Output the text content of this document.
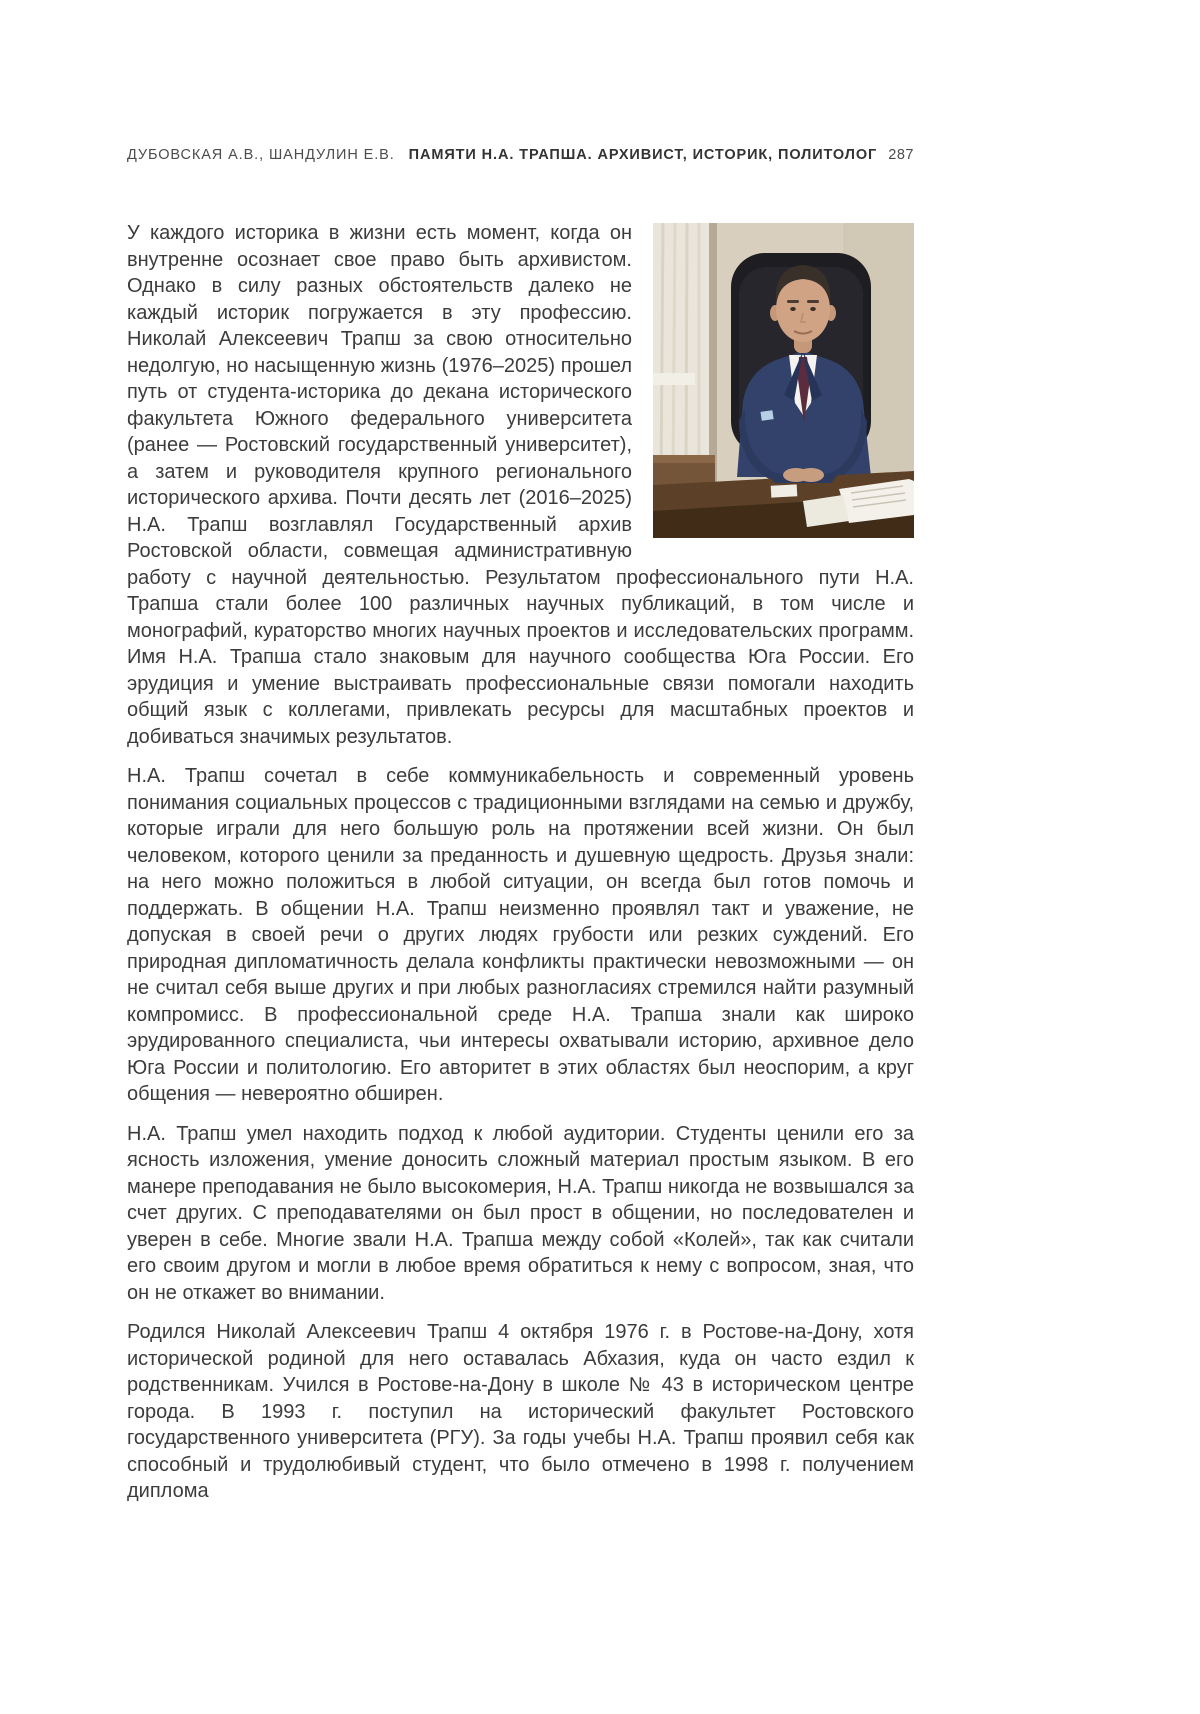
ДУБОВСКАЯ А.В., ШАНДУЛИН Е.В. ПАМЯТИ Н.А. ТРАПША. АРХИВИСТ, ИСТОРИК, ПОЛИТОЛОГ 287

У каждого историка в жизни есть момент, когда он внутренне осознает свое право быть архивистом. Однако в силу разных обстоятельств далеко не каждый историк погружается в эту профессию. Николай Алексеевич Трапш за свою относительно недолгую, но насыщенную жизнь (1976–2025) прошел путь от студента-историка до декана исторического факультета Южного федерального университета (ранее — Ростовский государственный университет), а затем и руководителя крупного регионального исторического архива. Почти десять лет (2016–2025) Н.А. Трапш возглавлял Государственный архив Ростовской области, совмещая административную работу с научной деятельностью. Результатом профессионального пути Н.А. Трапша стали более 100 различных научных публикаций, в том числе и монографий, кураторство многих научных проектов и исследовательских программ. Имя Н.А. Трапша стало знаковым для научного сообщества Юга России. Его эрудиция и умение выстраивать профессиональные связи помогали находить общий язык с коллегами, привлекать ресурсы для масштабных проектов и добиваться значимых результатов.

Н.А. Трапш сочетал в себе коммуникабельность и современный уровень понимания социальных процессов с традиционными взглядами на семью и дружбу, которые играли для него большую роль на протяжении всей жизни. Он был человеком, которого ценили за преданность и душевную щедрость. Друзья знали: на него можно положиться в любой ситуации, он всегда был готов помочь и поддержать. В общении Н.А. Трапш неизменно проявлял такт и уважение, не допуская в своей речи о других людях грубости или резких суждений. Его природная дипломатичность делала конфликты практически невозможными — он не считал себя выше других и при любых разногласиях стремился найти разумный компромисс. В профессиональной среде Н.А. Трапша знали как широко эрудированного специалиста, чьи интересы охватывали историю, архивное дело Юга России и политологию. Его авторитет в этих областях был неоспорим, а круг общения — невероятно обширен.

Н.А. Трапш умел находить подход к любой аудитории. Студенты ценили его за ясность изложения, умение доносить сложный материал простым языком. В его манере преподавания не было высокомерия, Н.А. Трапш никогда не возвышался за счет других. С преподавателями он был прост в общении, но последователен и уверен в себе. Многие звали Н.А. Трапша между собой «Колей», так как считали его своим другом и могли в любое время обратиться к нему с вопросом, зная, что он не откажет во внимании.

Родился Николай Алексеевич Трапш 4 октября 1976 г. в Ростове-на-Дону, хотя исторической родиной для него оставалась Абхазия, куда он часто ездил к родственникам. Учился в Ростове-на-Дону в школе № 43 в историческом центре города. В 1993 г. поступил на исторический факультет Ростовского государственного университета (РГУ). За годы учебы Н.А. Трапш проявил себя как способный и трудолюбивый студент, что было отмечено в 1998 г. получением диплома
